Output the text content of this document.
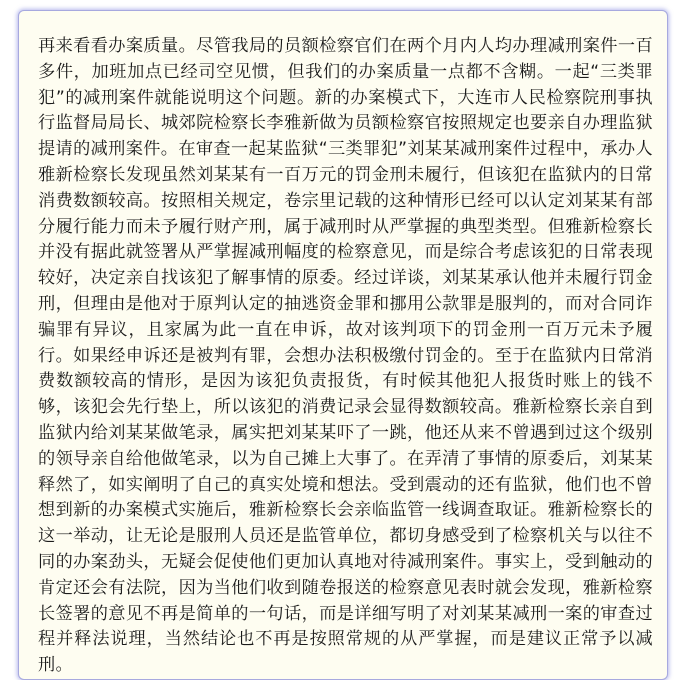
再来看看办案质量。尽管我局的员额检察官们在两个月内人均办理减刑案件一百多件，加班加点已经司空见惯，但我们的办案质量一点都不含糊。一起“三类罪犯”的减刑案件就能说明这个问题。新的办案模式下，大连市人民检察院刑事执行监督局局长、城郊院检察长李雅新做为员额检察官按照规定也要亲自办理监狱提请的减刑案件。在审查一起某监狱“三类罪犯”刘某某减刑案件过程中，承办人雅新检察长发现虽然刘某某有一百万元的罚金刑未履行，但该犯在监狱内的日常消费数额较高。按照相关规定，卷宗里记载的这种情形已经可以认定刘某某有部分履行能力而未予履行财产刑，属于减刑时从严掌握的典型类型。但雅新检察长并没有据此就签署从严掌握减刑幅度的检察意见，而是综合考虑该犯的日常表现较好，决定亲自找该犯了解事情的原委。经过详谈，刘某某承认他并未履行罚金刑，但理由是他对于原判认定的抽逃资金罪和挪用公款罪是服判的，而对合同诈骗罪有异议，且家属为此一直在申诉，故对该判项下的罚金刑一百万元未予履行。如果经申诉还是被判有罪，会想办法积极缴付罚金的。至于在监狱内日常消费数额较高的情形，是因为该犯负责报货，有时候其他犯人报货时账上的钱不够，该犯会先行垫上，所以该犯的消费记录会显得数额较高。雅新检察长亲自到监狱内给刘某某做笔录，属实把刘某某吓了一跳，他还从来不曾遇到过这个级别的领导亲自给他做笔录，以为自己摊上大事了。在弄清了事情的原委后，刘某某释然了，如实阐明了自己的真实处境和想法。受到震动的还有监狱，他们也不曾想到新的办案模式实施后，雅新检察长会亲临监管一线调查取证。雅新检察长的这一举动，让无论是服刑人员还是监管单位，都切身感受到了检察机关与以往不同的办案劲头，无疑会促使他们更加认真地对待减刑案件。事实上，受到触动的肯定还会有法院，因为当他们收到随卷报送的检察意见表时就会发现，雅新检察长签署的意见不再是简单的一句话，而是详细写明了对刘某某减刑一案的审查过程并释法说理，当然结论也不再是按照常规的从严掌握，而是建议正常予以减刑。
